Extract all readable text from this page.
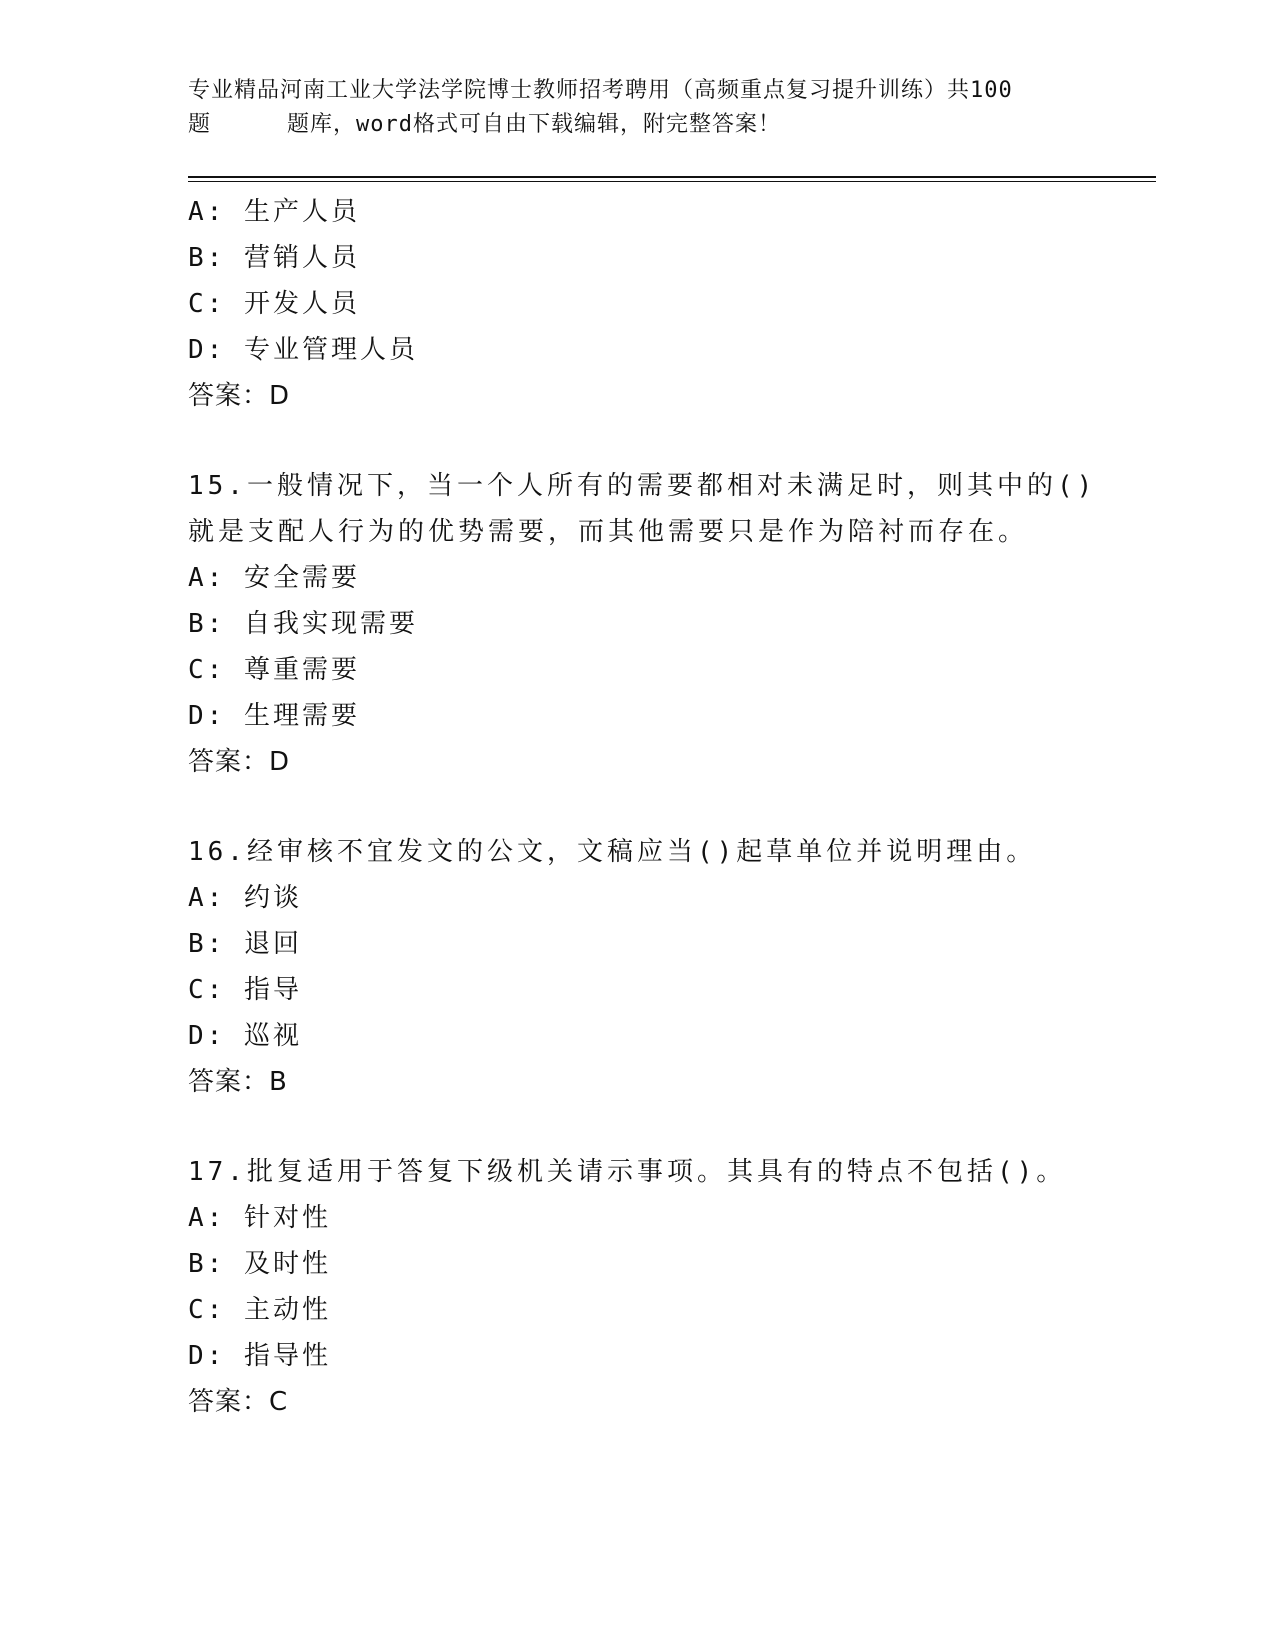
专业精品河南工业大学法学院博士教师招考聘用（高频重点复习提升训练）共100
题	题库，word格式可自由下载编辑，附完整答案！
A: 生产人员
B: 营销人员
C: 开发人员
D: 专业管理人员
答案：D
15.一般情况下，当一个人所有的需要都相对未满足时，则其中的()
就是支配人行为的优势需要，而其他需要只是作为陪衬而存在。
A: 安全需要
B: 自我实现需要
C: 尊重需要
D: 生理需要
答案：D
16.经审核不宜发文的公文，文稿应当()起草单位并说明理由。
A: 约谈
B: 退回
C: 指导
D: 巡视
答案：B
17.批复适用于答复下级机关请示事项。其具有的特点不包括()。
A: 针对性
B: 及时性
C: 主动性
D: 指导性
答案：C
